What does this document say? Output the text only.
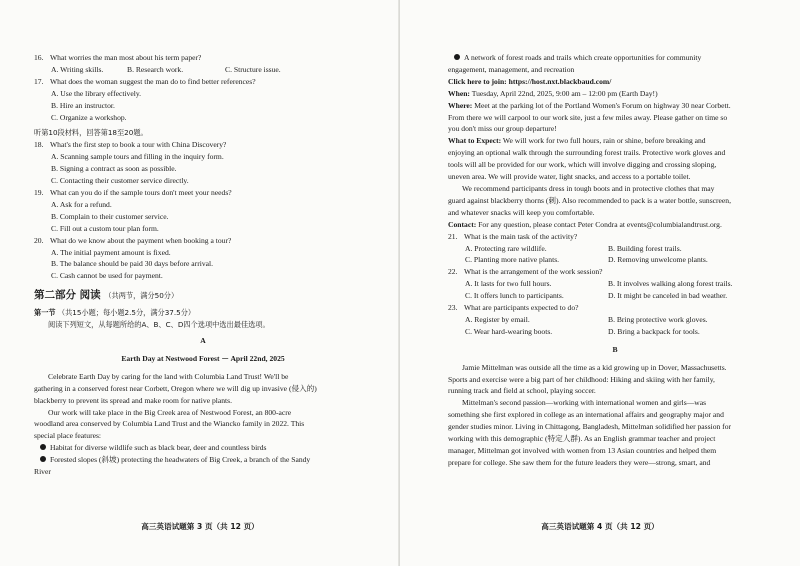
16. What worries the man most about his term paper?
A. Writing skills.	B. Research work.	C. Structure issue.
17. What does the woman suggest the man do to find better references?
A. Use the library effectively.
B. Hire an instructor.
C. Organize a workshop.
听第10段材料，回答第18至20题。
18. What's the first step to book a tour with China Discovery?
A. Scanning sample tours and filling in the inquiry form.
B. Signing a contract as soon as possible.
C. Contacting their customer service directly.
19. What can you do if the sample tours don't meet your needs?
A. Ask for a refund.
B. Complain to their customer service.
C. Fill out a custom tour plan form.
20. What do we know about the payment when booking a tour?
A. The initial payment amount is fixed.
B. The balance should be paid 30 days before arrival.
C. Cash cannot be used for payment.
第二部分 阅读 （共两节，满分50分）
第一节 （共15小题；每小题2.5分，满分37.5分）
阅读下列短文，从每题所给的A、B、C、D四个选项中选出最佳选项。
A
Earth Day at Nestwood Forest － April 22nd, 2025
Celebrate Earth Day by caring for the land with Columbia Land Trust! We'll be
gathering in a conserved forest near Corbett, Oregon where we will dig up invasive (侵入的)
blackberry to prevent its spread and make room for native plants.
Our work will take place in the Big Creek area of Nestwood Forest, an 800-acre
woodland area conserved by Columbia Land Trust and the Wiancko family in 2022. This
special place features:
Habitat for diverse wildlife such as black bear, deer and countless birds
Forested slopes (斜坡) protecting the headwaters of Big Creek, a branch of the Sandy
River
高三英语试题第 3 页（共 12 页）
A network of forest roads and trails which create opportunities for community
engagement, management, and recreation
Click here to join: https://host.nxt.blackbaud.com/
When: Tuesday, April 22nd, 2025, 9:00 am – 12:00 pm (Earth Day!)
Where: Meet at the parking lot of the Portland Women's Forum on highway 30 near Corbett.
From there we will carpool to our work site, just a few miles away. Please gather on time so
you don't miss our group departure!
What to Expect: We will work for two full hours, rain or shine, before breaking and
enjoying an optional walk through the surrounding forest trails. Protective work gloves and
tools will all be provided for our work, which will involve digging and crossing sloping,
uneven area. We will provide water, light snacks, and access to a portable toilet.
We recommend participants dress in tough boots and in protective clothes that may
guard against blackberry thorns (刺). Also recommended to pack is a water bottle, sunscreen,
and whatever snacks will keep you comfortable.
Contact: For any question, please contact Peter Condra at events@columbialandtrust.org.
21. What is the main task of the activity?
A. Protecting rare wildlife.	B. Building forest trails.
C. Planting more native plants.	D. Removing unwelcome plants.
22. What is the arrangement of the work session?
A. It lasts for two full hours.	B. It involves walking along forest trails.
C. It offers lunch to participants.	D. It might be canceled in bad weather.
23. What are participants expected to do?
A. Register by email.	B. Bring protective work gloves.
C. Wear hard-wearing boots.	D. Bring a backpack for tools.
B
Jamie Mittelman was outside all the time as a kid growing up in Dover, Massachusetts.
Sports and exercise were a big part of her childhood: Hiking and skiing with her family,
running track and field at school, playing soccer.
Mittelman's second passion—working with international women and girls—was
something she first explored in college as an international affairs and geography major and
gender studies minor. Living in Chittagong, Bangladesh, Mittelman solidified her passion for
working with this demographic (特定人群). As an English grammar teacher and project
manager, Mittelman got involved with women from 13 Asian countries and helped them
prepare for college. She saw them for the future leaders they were—strong, smart, and
高三英语试题第 4 页（共 12 页）
